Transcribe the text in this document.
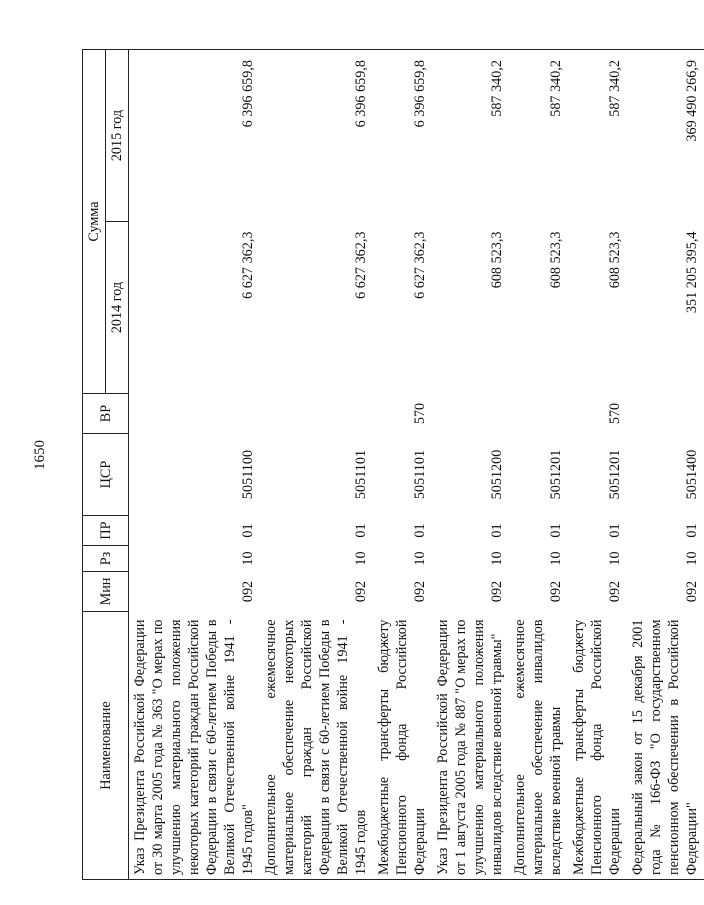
1650
Наименование	Мин	Рз	ПР	ЦСР	ВР	Сумма	
						2014 год	2015 год
Указ Президента Российской Федерации от 30 марта 2005 года № 363 "О мерах по улучшению материального положения некоторых категорий граждан Российской Федерации в связи с 60-летием Победы в Великой Отечественной войне 1941 - 1945 годов"	092	10	01	5051100		6 627 362,3	6 396 659,8
Дополнительное ежемесячное материальное обеспечение некоторых категорий граждан Российской Федерации в связи с 60-летием Победы в Великой Отечественной войне 1941 - 1945 годов	092	10	01	5051101		6 627 362,3	6 396 659,8
Межбюджетные трансферты бюджету Пенсионного фонда Российской Федерации	092	10	01	5051101	570	6 627 362,3	6 396 659,8
Указ Президента Российской Федерации от 1 августа 2005 года № 887 "О мерах по улучшению материального положения инвалидов вследствие военной травмы"	092	10	01	5051200		608 523,3	587 340,2
Дополнительное ежемесячное материальное обеспечение инвалидов вследствие военной травмы	092	10	01	5051201		608 523,3	587 340,2
Межбюджетные трансферты бюджету Пенсионного фонда Российской Федерации	092	10	01	5051201	570	608 523,3	587 340,2
Федеральный закон от 15 декабря 2001 года № 166-ФЗ "О государственном пенсионном обеспечении в Российской Федерации"	092	10	01	5051400		351 205 395,4	369 490 266,9
